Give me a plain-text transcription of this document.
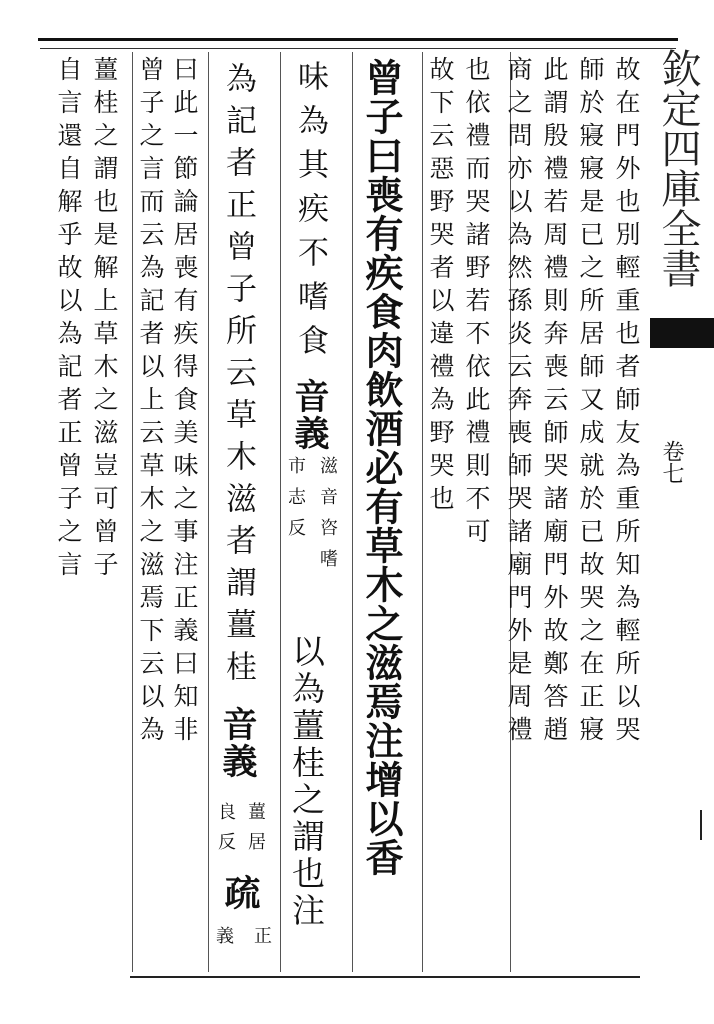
欽定四庫全書
卷七
故在門外也別輕重也者師友為重所知為輕所以哭
師於寢寢是已之所居師又成就於已故哭之在正寢
此謂殷禮若周禮則奔喪云師哭諸廟門外故鄭答趙
商之問亦以為然孫炎云奔喪師哭諸廟門外是周禮
也依禮而哭諸野若不依此禮則不可
故下云惡野哭者以違禮為野哭也
曾子曰喪有疾食肉飲酒必有草木之滋焉注增以香
味為其疾不嗜食
音義
滋音咨嗜
市志反
以為薑桂之謂也注
為記者正曾子所云草木滋者謂薑桂
音義
薑居
良反
疏
正
義
曰此一節論居喪有疾得食美味之事注正義曰知非
曾子之言而云為記者以上云草木之滋焉下云以為
薑桂之謂也是解上草木之滋豈可曾子
自言還自解乎故以為記者正曾子之言
